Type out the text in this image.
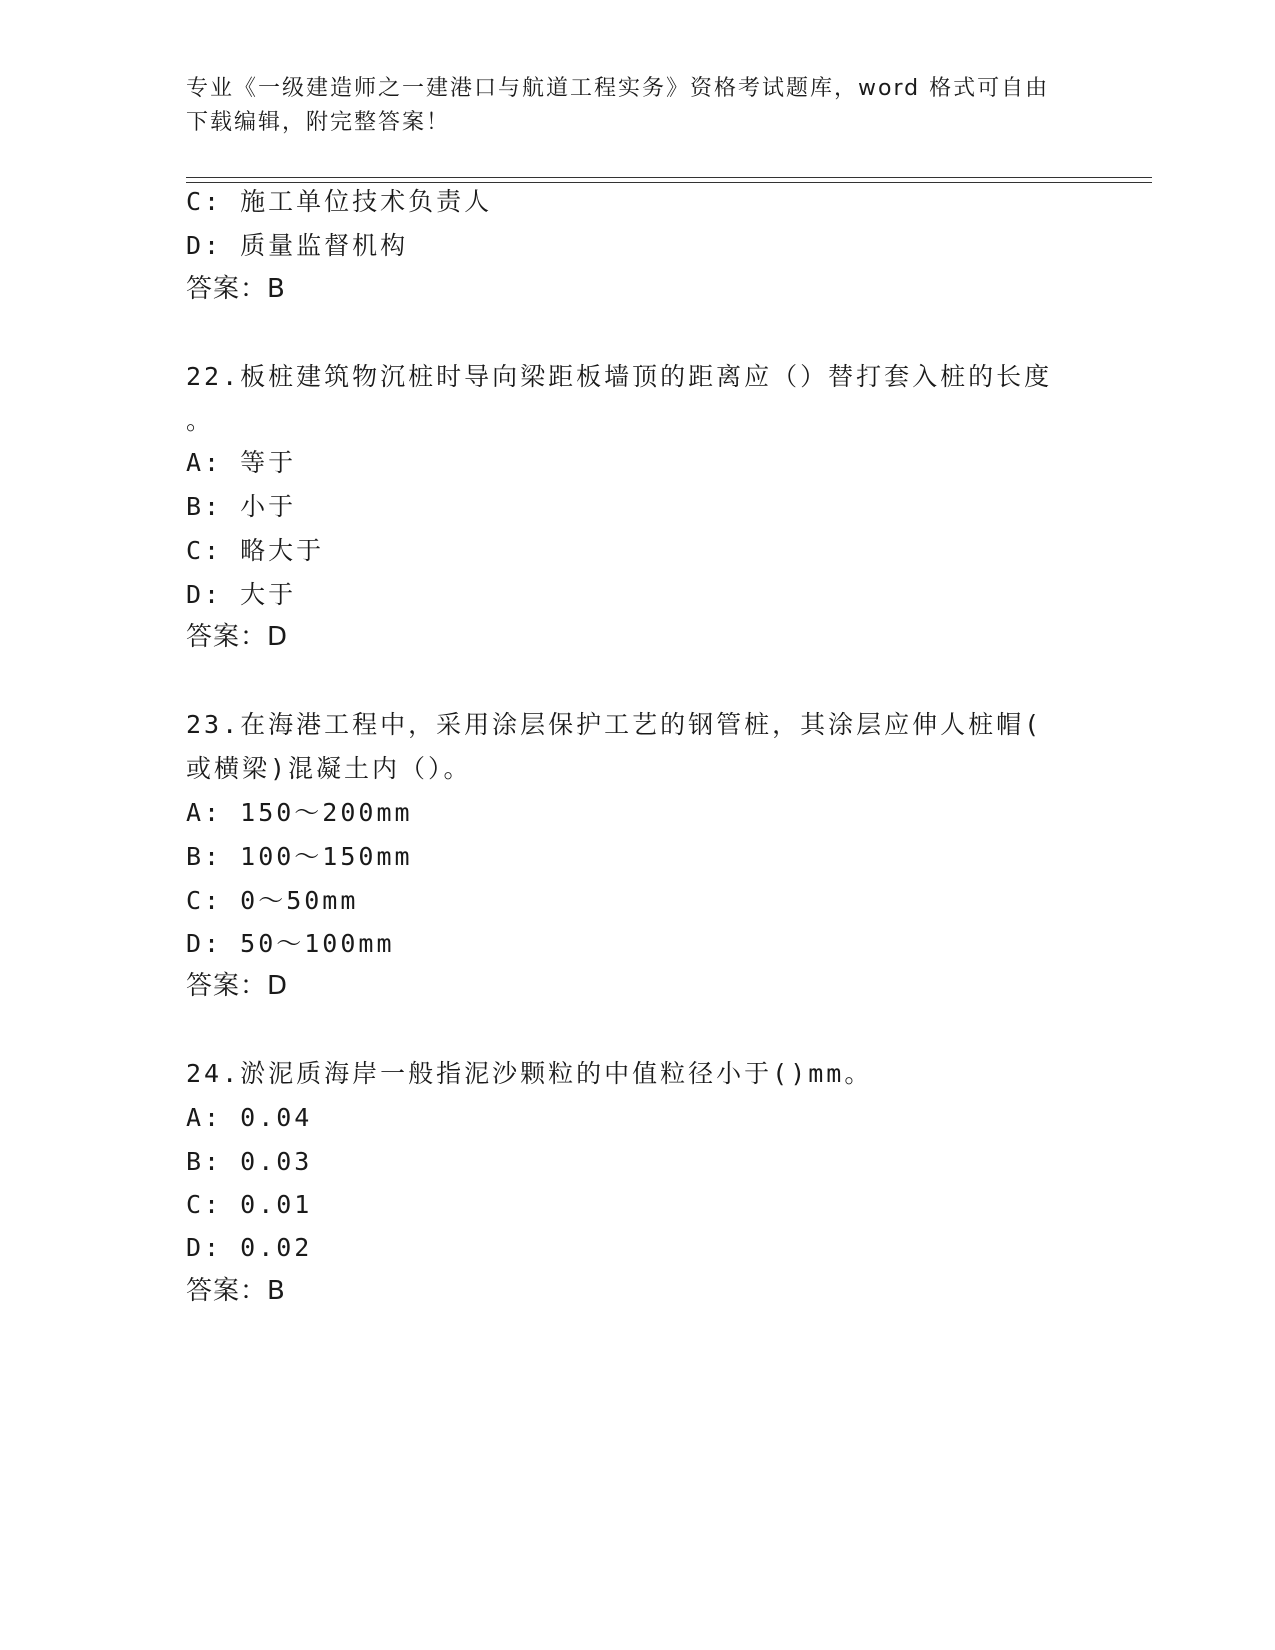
专业《一级建造师之一建港口与航道工程实务》资格考试题库，word 格式可自由
下载编辑，附完整答案！
C: 施工单位技术负责人
D: 质量监督机构
答案：B
22.板桩建筑物沉桩时导向梁距板墙顶的距离应（）替打套入桩的长度
。
A: 等于
B: 小于
C: 略大于
D: 大于
答案：D
23.在海港工程中，采用涂层保护工艺的钢管桩，其涂层应伸人桩帽(
或横梁)混凝土内（）。
A: 150～200mm
B: 100～150mm
C: 0～50mm
D: 50～100mm
答案：D
24.淤泥质海岸一般指泥沙颗粒的中值粒径小于()mm。
A: 0.04
B: 0.03
C: 0.01
D: 0.02
答案：B
